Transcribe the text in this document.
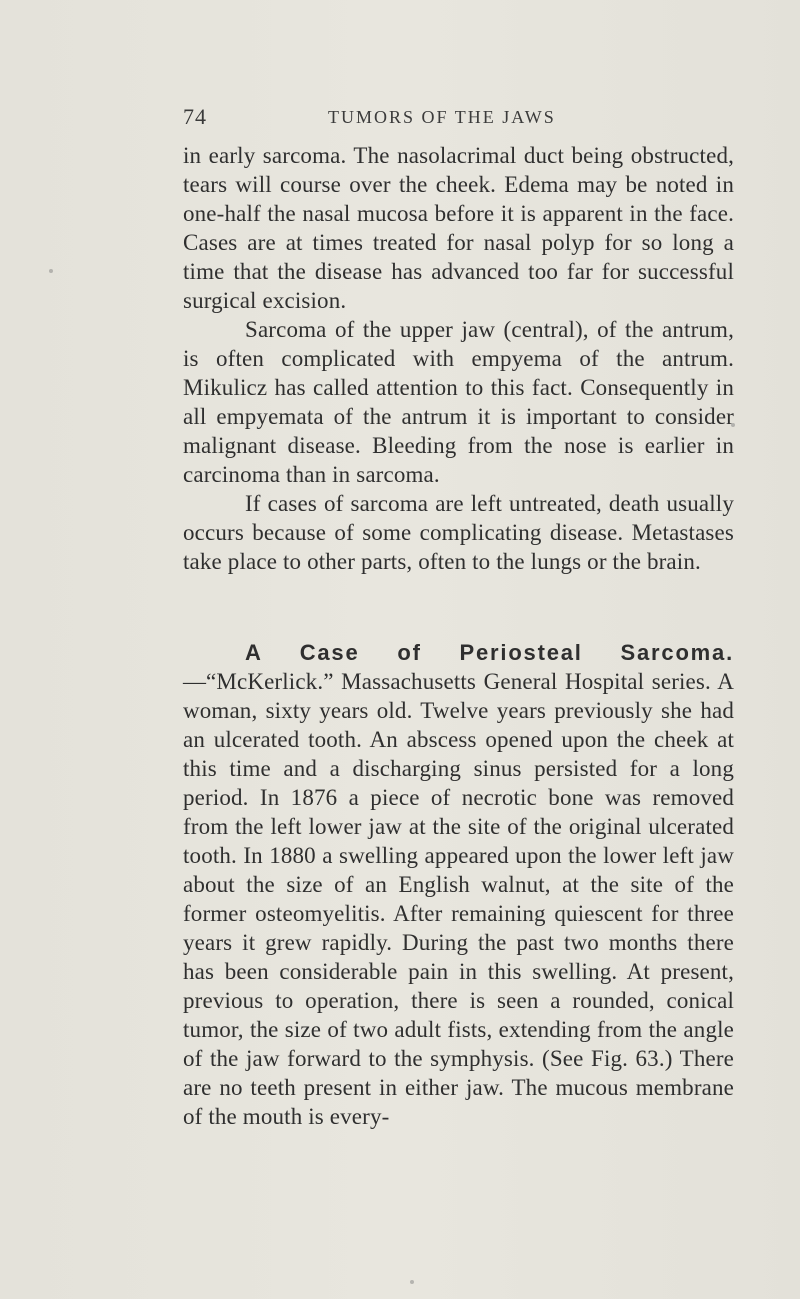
74	TUMORS OF THE JAWS

in early sarcoma. The nasolacrimal duct being obstructed, tears will course over the cheek. Edema may be noted in one-half the nasal mucosa before it is apparent in the face. Cases are at times treated for nasal polyp for so long a time that the disease has advanced too far for successful surgical excision.

Sarcoma of the upper jaw (central), of the antrum, is often complicated with empyema of the antrum. Mikulicz has called attention to this fact. Consequently in all empyemata of the antrum it is important to consider malignant disease. Bleeding from the nose is earlier in carcinoma than in sarcoma.

If cases of sarcoma are left untreated, death usually occurs because of some complicating disease. Metastases take place to other parts, often to the lungs or the brain.

A Case of Periosteal Sarcoma.—“McKerlick.” Massachusetts General Hospital series. A woman, sixty years old. Twelve years previously she had an ulcerated tooth. An abscess opened upon the cheek at this time and a discharging sinus persisted for a long period. In 1876 a piece of necrotic bone was removed from the left lower jaw at the site of the original ulcerated tooth. In 1880 a swelling appeared upon the lower left jaw about the size of an English walnut, at the site of the former osteomyelitis. After remaining quiescent for three years it grew rapidly. During the past two months there has been considerable pain in this swelling. At present, previous to operation, there is seen a rounded, conical tumor, the size of two adult fists, extending from the angle of the jaw forward to the symphysis. (See Fig. 63.) There are no teeth present in either jaw. The mucous membrane of the mouth is every-
